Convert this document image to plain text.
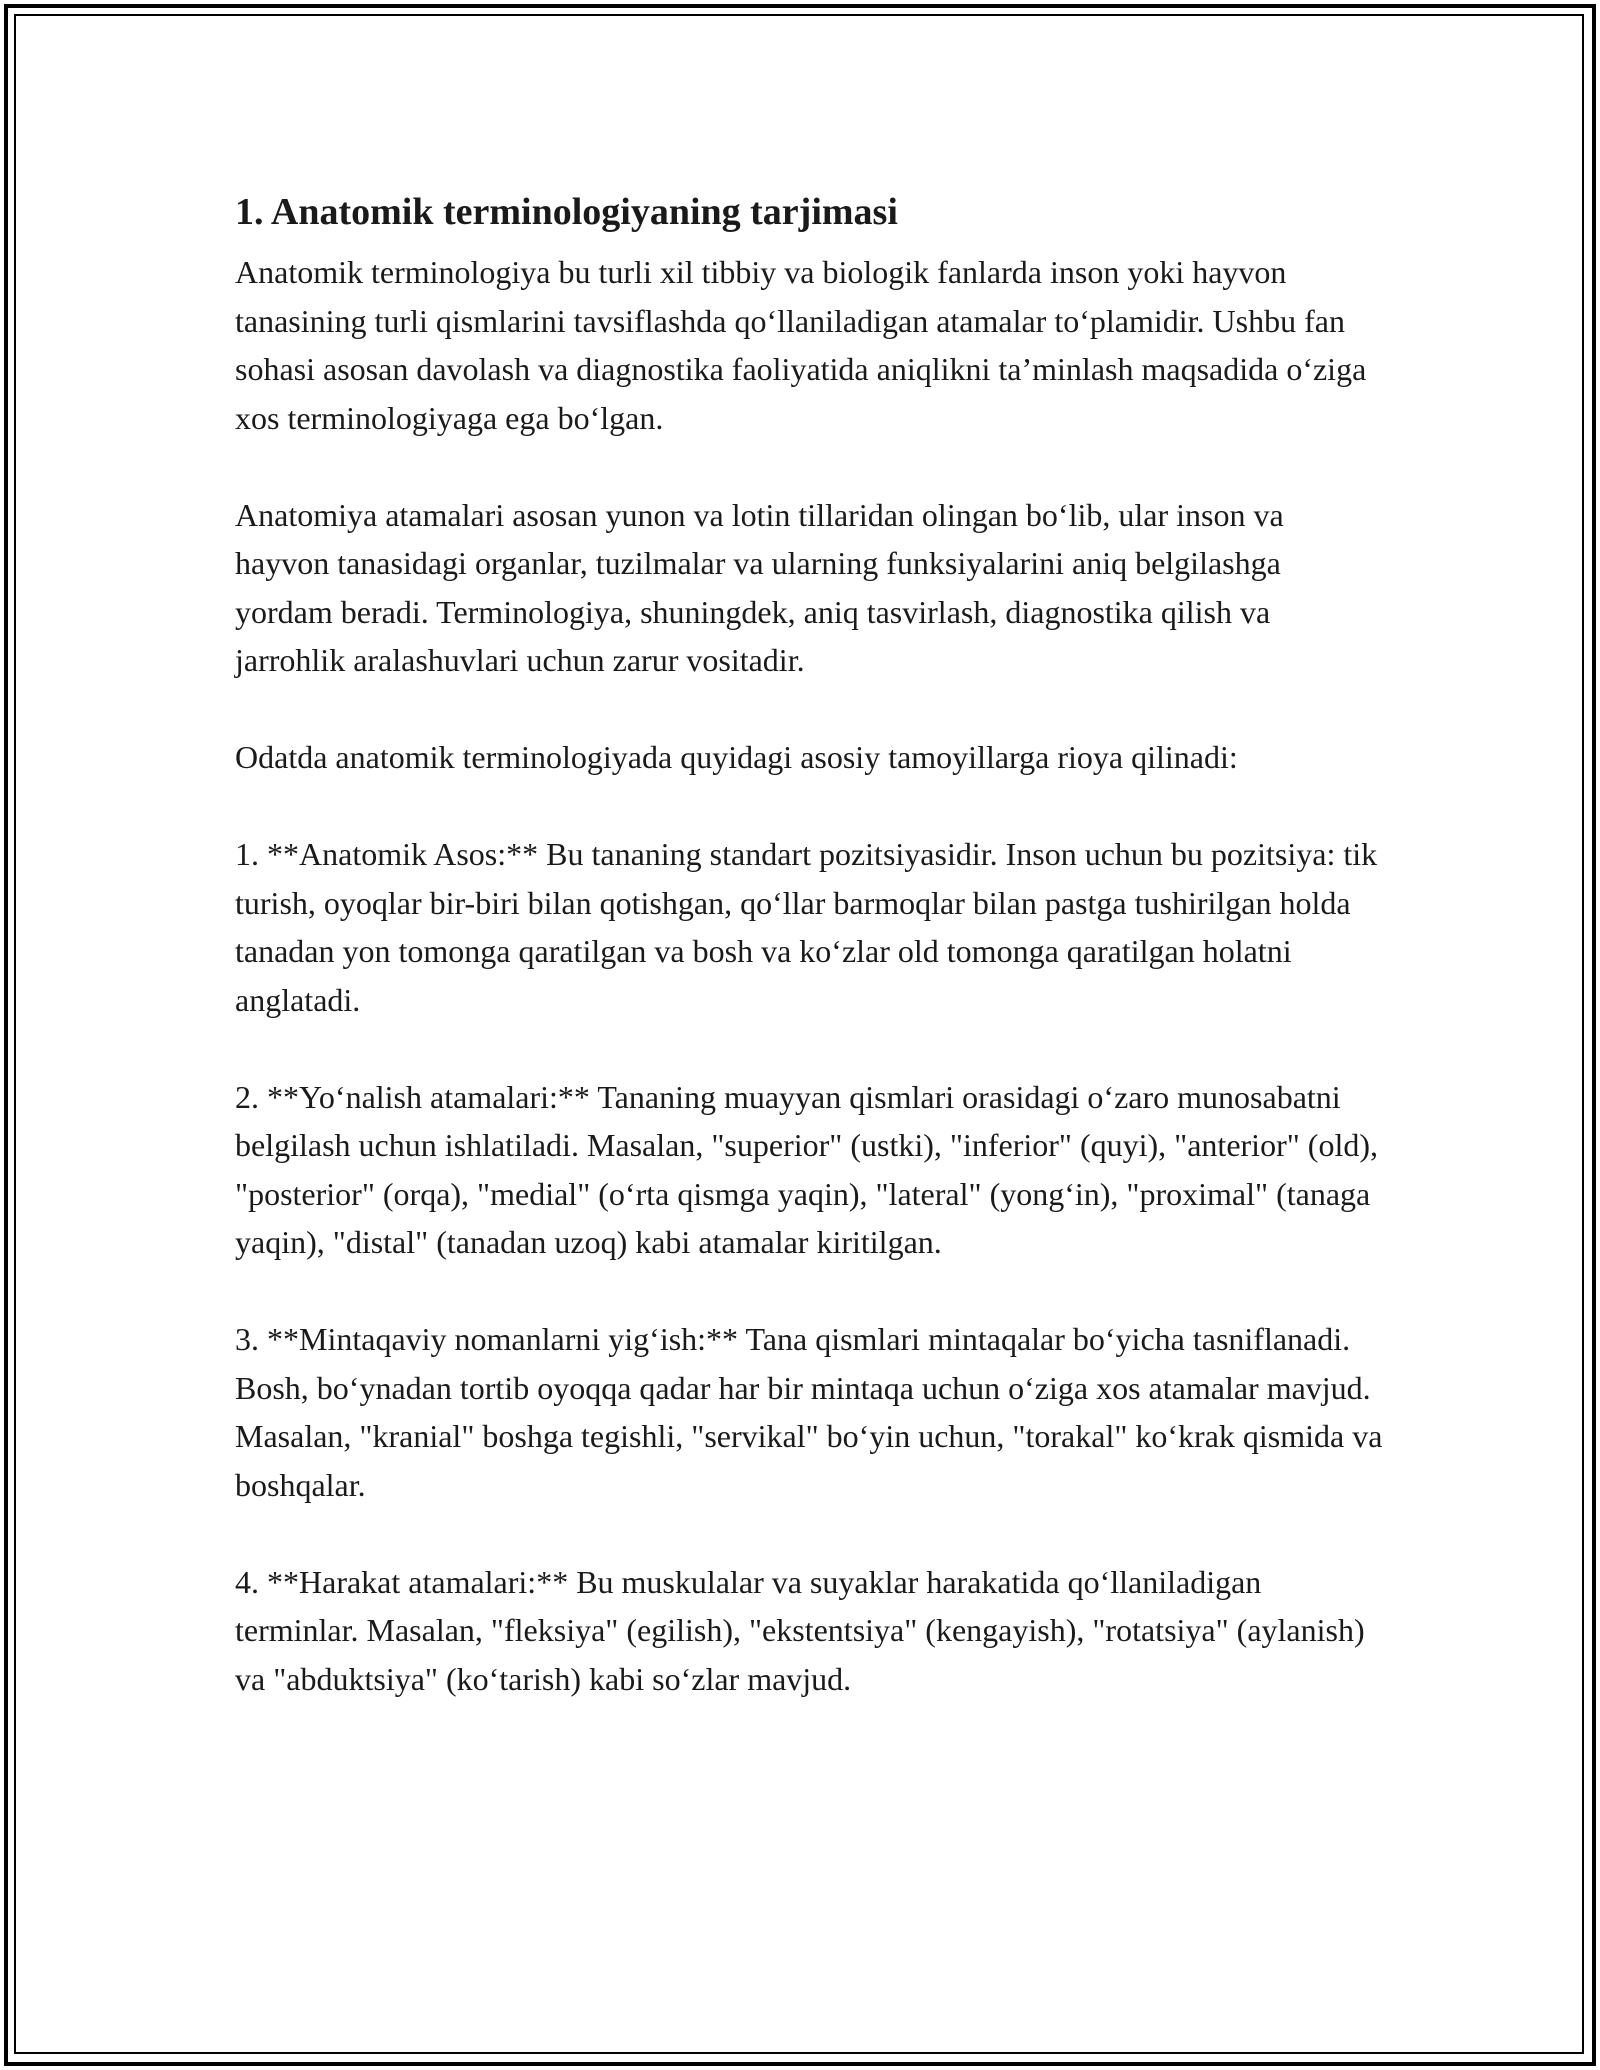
1. Anatomik terminologiyaning tarjimasi

Anatomik terminologiya bu turli xil tibbiy va biologik fanlarda inson yoki hayvon tanasining turli qismlarini tavsiflashda qo‘llaniladigan atamalar to‘plamidir. Ushbu fan sohasi asosan davolash va diagnostika faoliyatida aniqlikni ta’minlash maqsadida o‘ziga xos terminologiyaga ega bo‘lgan.

Anatomiya atamalari asosan yunon va lotin tillaridan olingan bo‘lib, ular inson va hayvon tanasidagi organlar, tuzilmalar va ularning funksiyalarini aniq belgilashga yordam beradi. Terminologiya, shuningdek, aniq tasvirlash, diagnostika qilish va jarrohlik aralashuvlari uchun zarur vositadir.

Odatda anatomik terminologiyada quyidagi asosiy tamoyillarga rioya qilinadi:

1. **Anatomik Asos:** Bu tananing standart pozitsiyasidir. Inson uchun bu pozitsiya: tik turish, oyoqlar bir-biri bilan qotishgan, qo‘llar barmoqlar bilan pastga tushirilgan holda tanadan yon tomonga qaratilgan va bosh va ko‘zlar old tomonga qaratilgan holatni anglatadi.

2. **Yo‘nalish atamalari:** Tananing muayyan qismlari orasidagi o‘zaro munosabatni belgilash uchun ishlatiladi. Masalan, "superior" (ustki), "inferior" (quyi), "anterior" (old), "posterior" (orqa), "medial" (o‘rta qismga yaqin), "lateral" (yong‘in), "proximal" (tanaga yaqin), "distal" (tanadan uzoq) kabi atamalar kiritilgan.

3. **Mintaqaviy nomanlarni yig‘ish:** Tana qismlari mintaqalar bo‘yicha tasniflanadi. Bosh, bo‘ynadan tortib oyoqqa qadar har bir mintaqa uchun o‘ziga xos atamalar mavjud. Masalan, "kranial" boshga tegishli, "servikal" bo‘yin uchun, "torakal" ko‘krak qismida va boshqalar.

4. **Harakat atamalari:** Bu muskulalar va suyaklar harakatida qo‘llaniladigan terminlar. Masalan, "fleksiya" (egilish), "ekstentsiya" (kengayish), "rotatsiya" (aylanish) va "abduktsiya" (ko‘tarish) kabi so‘zlar mavjud.
